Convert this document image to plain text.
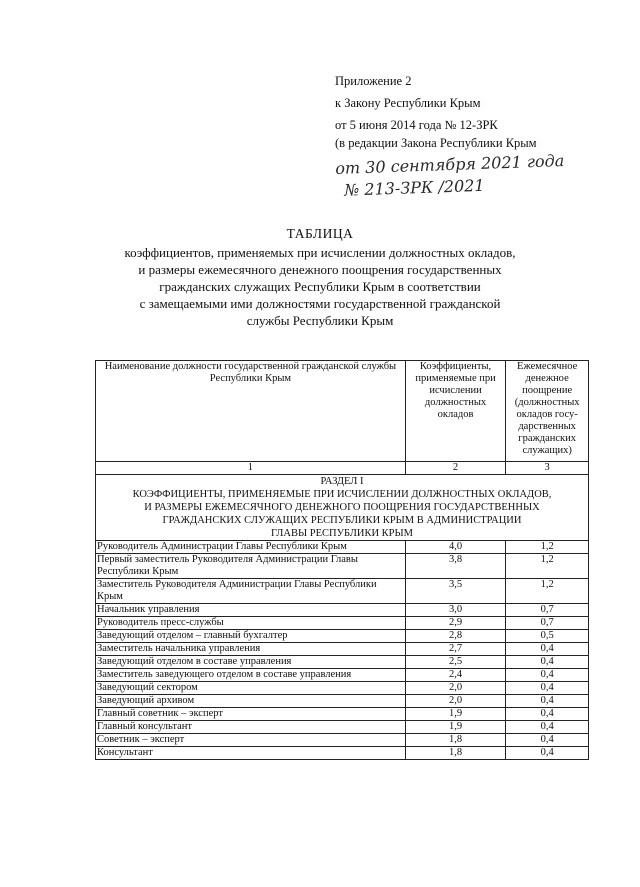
Приложение 2
к Закону Республики Крым
от 5 июня 2014 года № 12-ЗРК
(в редакции Закона Республики Крым
от 30 сентября 2021 года
№ 213-ЗРК /2021
ТАБЛИЦА
коэффициентов, применяемых при исчислении должностных окладов,
и размеры ежемесячного денежного поощрения государственных
гражданских служащих Республики Крым в соответствии
с замещаемыми ими должностями государственной гражданской
службы Республики Крым
Наименование должности государственной гражданской службы Республики Крым	Коэффициенты, применяемые при исчислении должностных окладов	Ежемесячное денежное поощрение (должностных окладов госу-дарственных гражданских служащих)
1	2	3

РАЗДЕЛ I
КОЭФФИЦИЕНТЫ, ПРИМЕНЯЕМЫЕ ПРИ ИСЧИСЛЕНИИ ДОЛЖНОСТНЫХ ОКЛАДОВ,
И РАЗМЕРЫ ЕЖЕМЕСЯЧНОГО ДЕНЕЖНОГО ПООЩРЕНИЯ ГОСУДАРСТВЕННЫХ
ГРАЖДАНСКИХ СЛУЖАЩИХ РЕСПУБЛИКИ КРЫМ В АДМИНИСТРАЦИИ
ГЛАВЫ РЕСПУБЛИКИ КРЫМ		

Руководитель Администрации Главы Республики Крым	4,0	1,2
Первый заместитель Руководителя Администрации Главы Республики Крым	3,8	1,2
Заместитель Руководителя Администрации Главы Республики Крым	3,5	1,2
Начальник управления	3,0	0,7
Руководитель пресс-службы	2,9	0,7
Заведующий отделом – главный бухгалтер	2,8	0,5
Заместитель начальника управления	2,7	0,4
Заведующий отделом в составе управления	2,5	0,4
Заместитель заведующего отделом в составе управления	2,4	0,4
Заведующий сектором	2,0	0,4
Заведующий архивом	2,0	0,4
Главный советник – эксперт	1,9	0,4
Главный консультант	1,9	0,4
Советник – эксперт	1,8	0,4
Консультант	1,8	0,4
